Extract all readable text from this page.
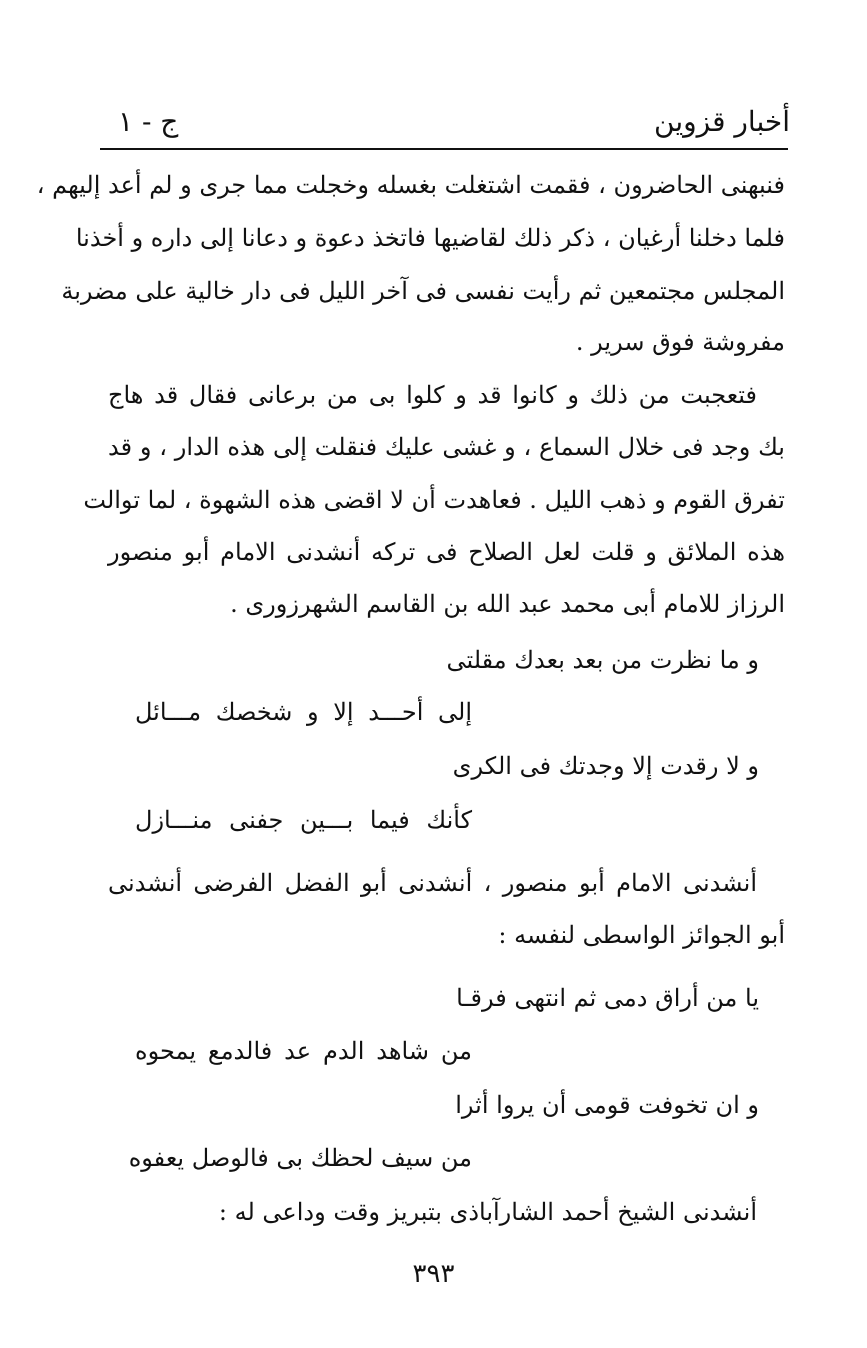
أخبار قزوين
ج - ١
فنبهنى الحاضرون ، فقمت اشتغلت بغسله وخجلت مما جرى و لم أعد إليهم ،
فلما دخلنا أرغيان ، ذكر ذلك لقاضيها فاتخذ دعوة و دعانا إلى داره و أخذنا
المجلس مجتمعين ثم رأيت نفسى فى آخر الليل فى دار خالية على مضربة
مفروشة فوق سرير .
فتعجبت من ذلك و كانوا قد و كلوا بى من برعانى فقال قد هاج
بك وجد فى خلال السماع ، و غشى عليك فنقلت إلى هذه الدار ، و قد
تفرق القوم و ذهب الليل . فعاهدت أن لا اقضى هذه الشهوة ، لما توالت
هذه الملائق و قلت لعل الصلاح فى تركه أنشدنى الامام أبو منصور
الرزاز للامام أبى محمد عبد الله بن القاسم الشهرزورى .
و ما نظرت من بعد بعدك مقلتى
إلى أحـــد إلا و شخصك مـــائل
و لا رقدت إلا وجدتك فى الكرى
كأنك فيما بـــين جفنى منـــازل
أنشدنى الامام أبو منصور ، أنشدنى أبو الفضل الفرضى أنشدنى
أبو الجوائز الواسطى لنفسه :
يا من أراق دمى ثم انتهى فرقـا
من شاهد الدم عد فالدمع يمحوه
و ان تخوفت قومى أن يروا أثرا
من سيف لحظك بى فالوصل يعفوه
أنشدنى الشيخ أحمد الشارآباذى بتبريز وقت وداعى له :
٣٩٣
